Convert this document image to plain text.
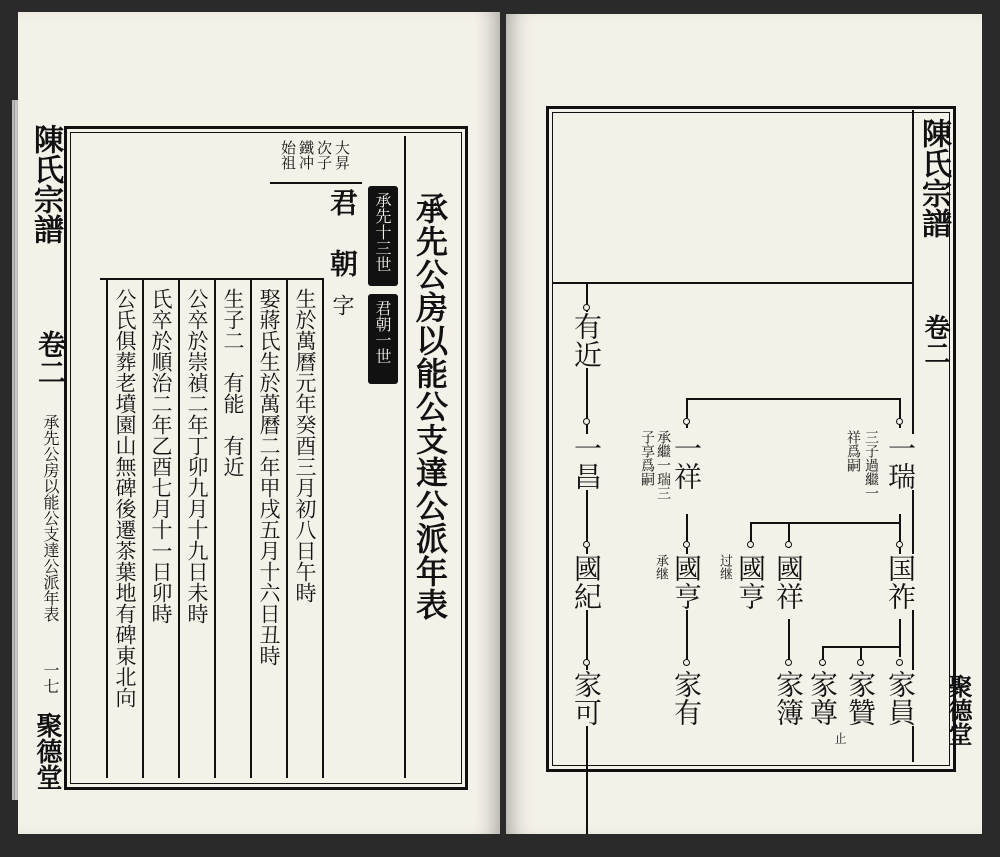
陳氏宗譜
卷二
承先公房以能公支達公派年表
一七
聚德堂
承先公房以能公支達公派年表
承先十三世
君朝一世
君 朝
字
大昇
次子
鐵冲
始祖
生於萬曆元年癸酉三月初八日午時
娶蔣氏生於萬曆二年甲戌五月十六日丑時
生子二　有能　有近
公卒於崇禎二年丁卯九月十九日未時
氏卒於順治二年乙酉七月十一日卯時
公氏俱葬老墳園山無碑後遷茶葉地有碑東北向
陳氏宗譜
卷二
聚德堂
有近
一昌
國紀
家可
一祥
子享爲嗣 承繼一瑞三
國亨
承继
家有
一瑞
祥爲嗣 三子過繼一
國亨
过继 國祥	国祚
家簿 家尊
止
家贊 家員
